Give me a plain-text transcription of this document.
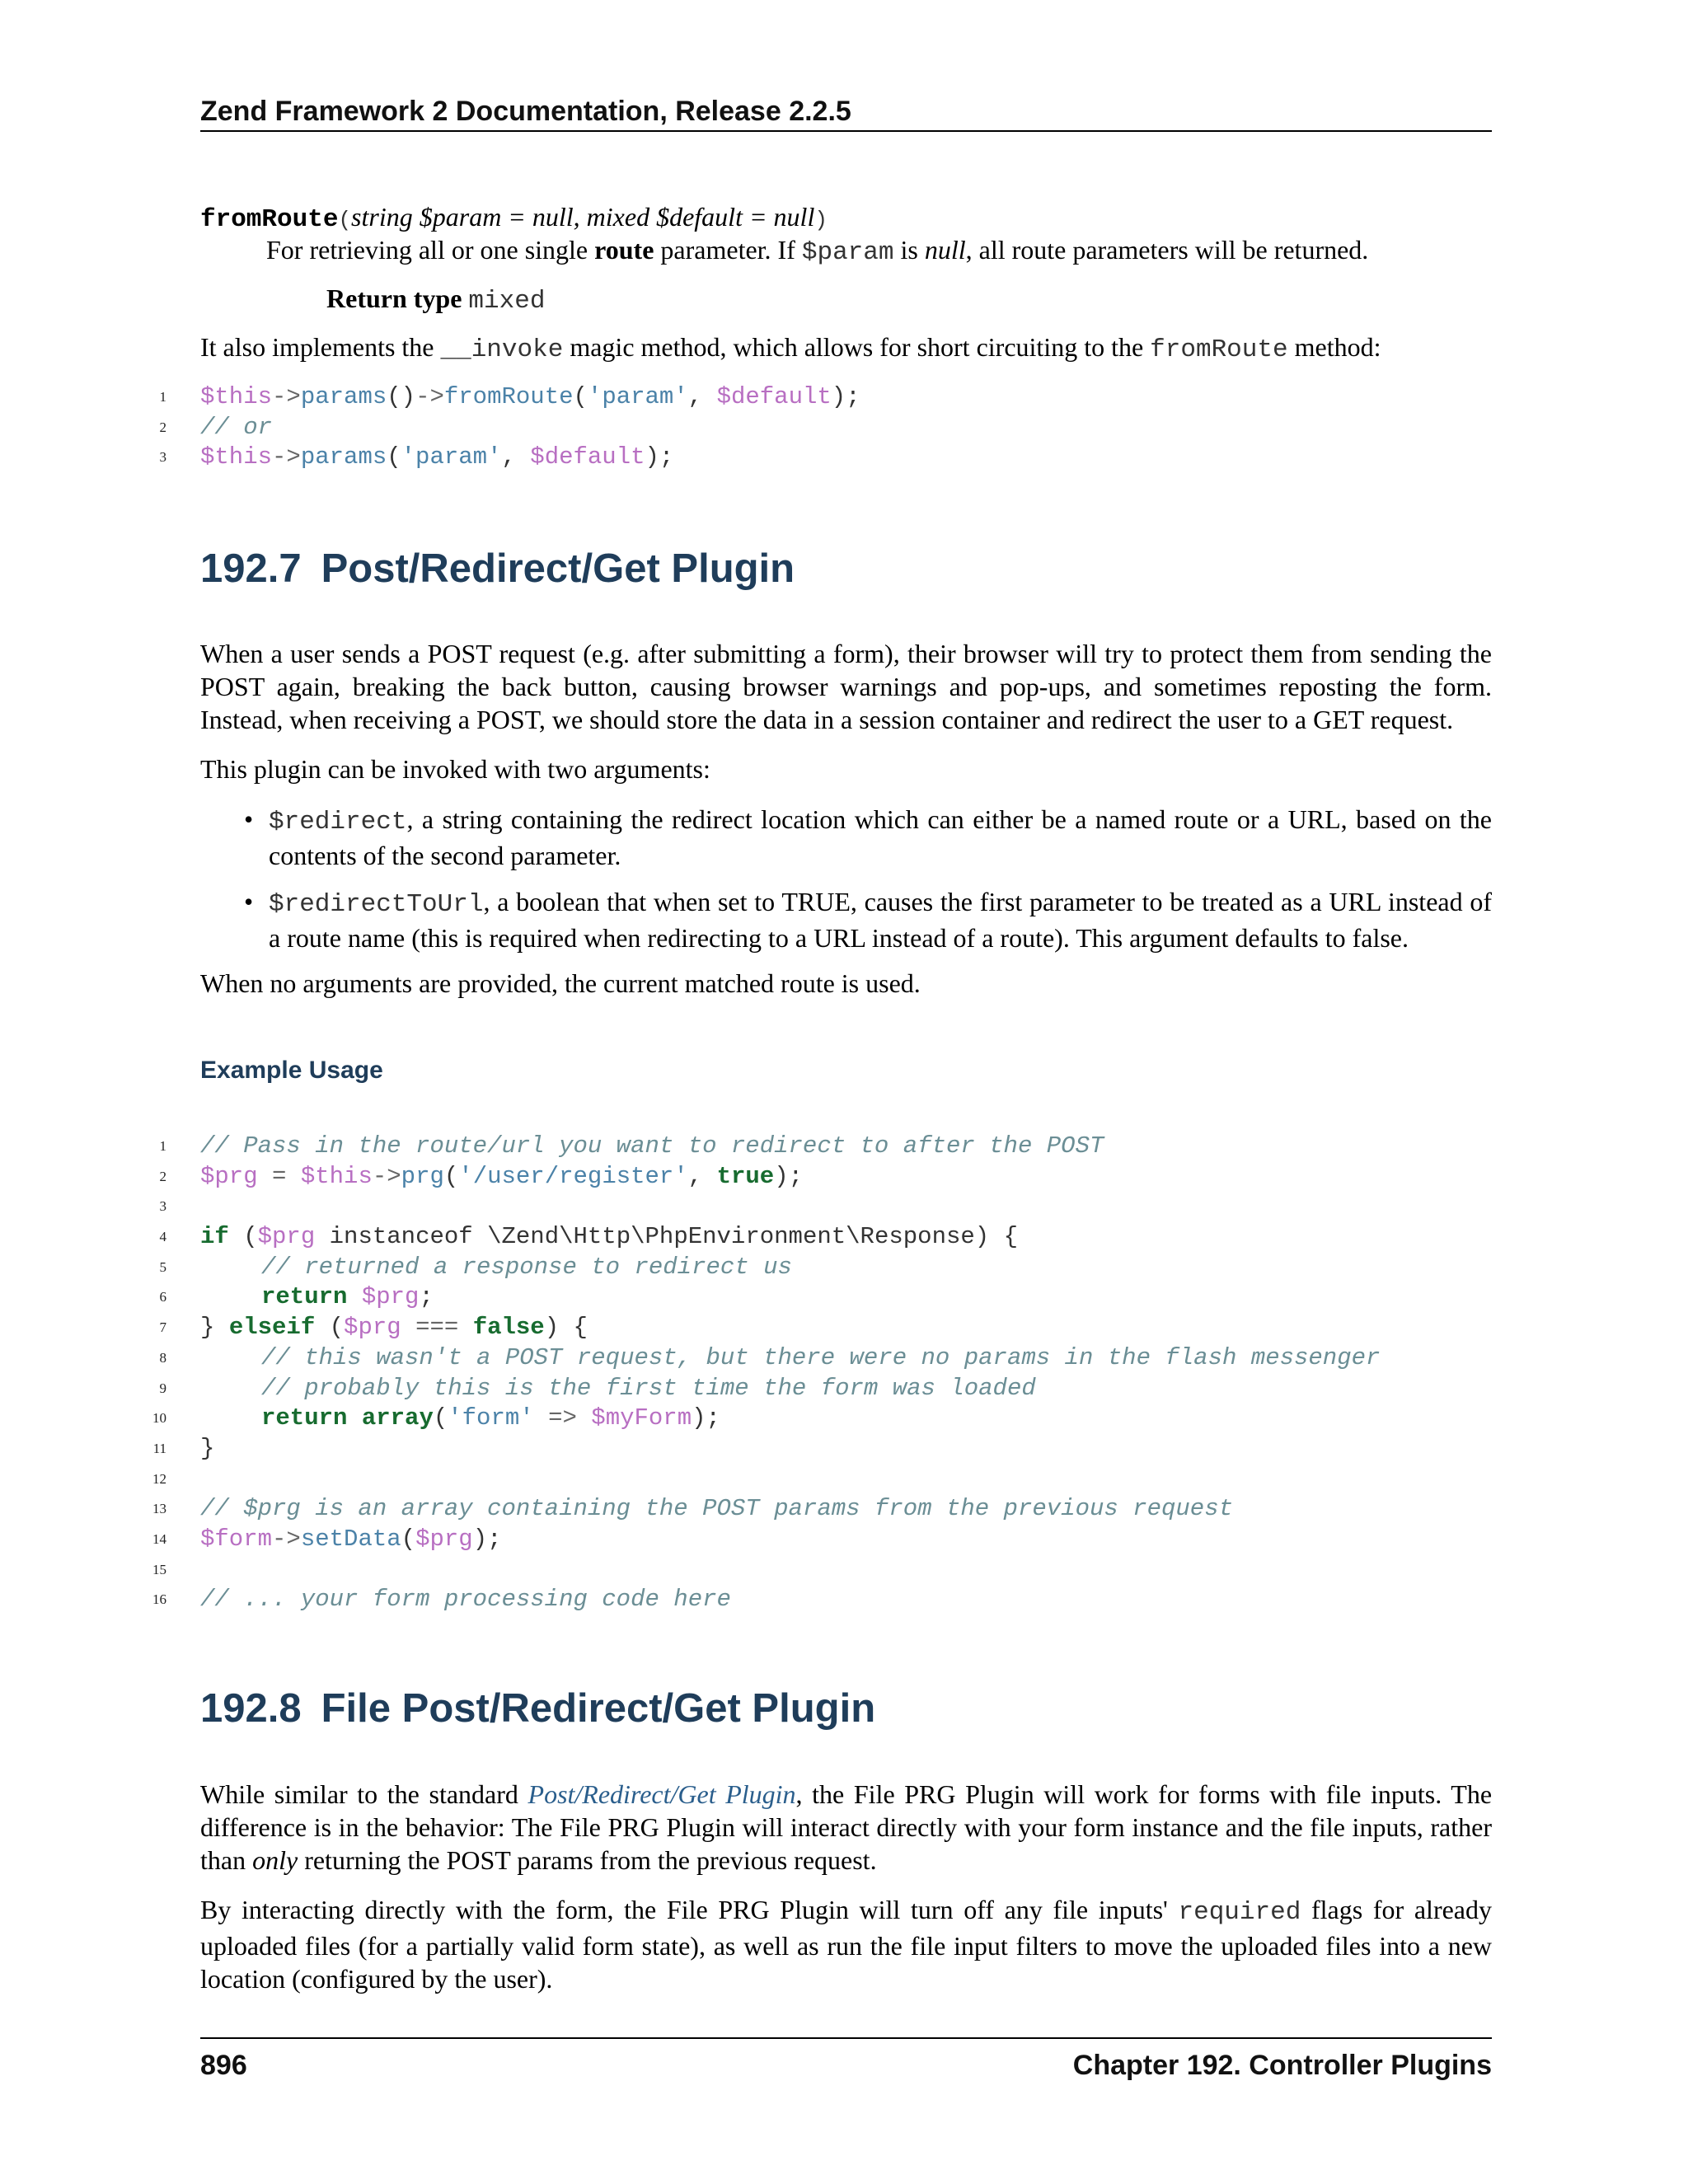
Zend Framework 2 Documentation, Release 2.2.5
fromRoute(string $param = null, mixed $default = null)

For retrieving all or one single route parameter. If $param is null, all route parameters will be returned.

Return type mixed

It also implements the __invoke magic method, which allows for short circuiting to the fromRoute method:

1 $this->params()->fromRoute('param', $default);
2 // or
3 $this->params('param', $default);
192.7 Post/Redirect/Get Plugin

When a user sends a POST request (e.g. after submitting a form), their browser will try to protect them from sending the POST again, breaking the back button, causing browser warnings and pop-ups, and sometimes reposting the form. Instead, when receiving a POST, we should store the data in a session container and redirect the user to a GET request.

This plugin can be invoked with two arguments:

• $redirect, a string containing the redirect location which can either be a named route or a URL, based on the contents of the second parameter.

• $redirectToUrl, a boolean that when set to TRUE, causes the first parameter to be treated as a URL instead of a route name (this is required when redirecting to a URL instead of a route). This argument defaults to false.

When no arguments are provided, the current matched route is used.

Example Usage
1 // Pass in the route/url you want to redirect to after the POST
2 $prg = $this->prg('/user/register', true);
3
4 if ($prg instanceof \Zend\Http\PhpEnvironment\Response) {
5	// returned a response to redirect us
6	return $prg;
7 } elseif ($prg === false) {
8	// this wasn't a POST request, but there were no params in the flash messenger
9	// probably this is the first time the form was loaded
10	return array('form' => $myForm);
11 }
12
13 // $prg is an array containing the POST params from the previous request
14 $form->setData($prg);
15
16 // ... your form processing code here
192.8 File Post/Redirect/Get Plugin

While similar to the standard Post/Redirect/Get Plugin, the File PRG Plugin will work for forms with file inputs. The difference is in the behavior: The File PRG Plugin will interact directly with your form instance and the file inputs, rather than only returning the POST params from the previous request.

By interacting directly with the form, the File PRG Plugin will turn off any file inputs' required flags for already uploaded files (for a partially valid form state), as well as run the file input filters to move the uploaded files into a new location (configured by the user).

896	Chapter 192. Controller Plugins
